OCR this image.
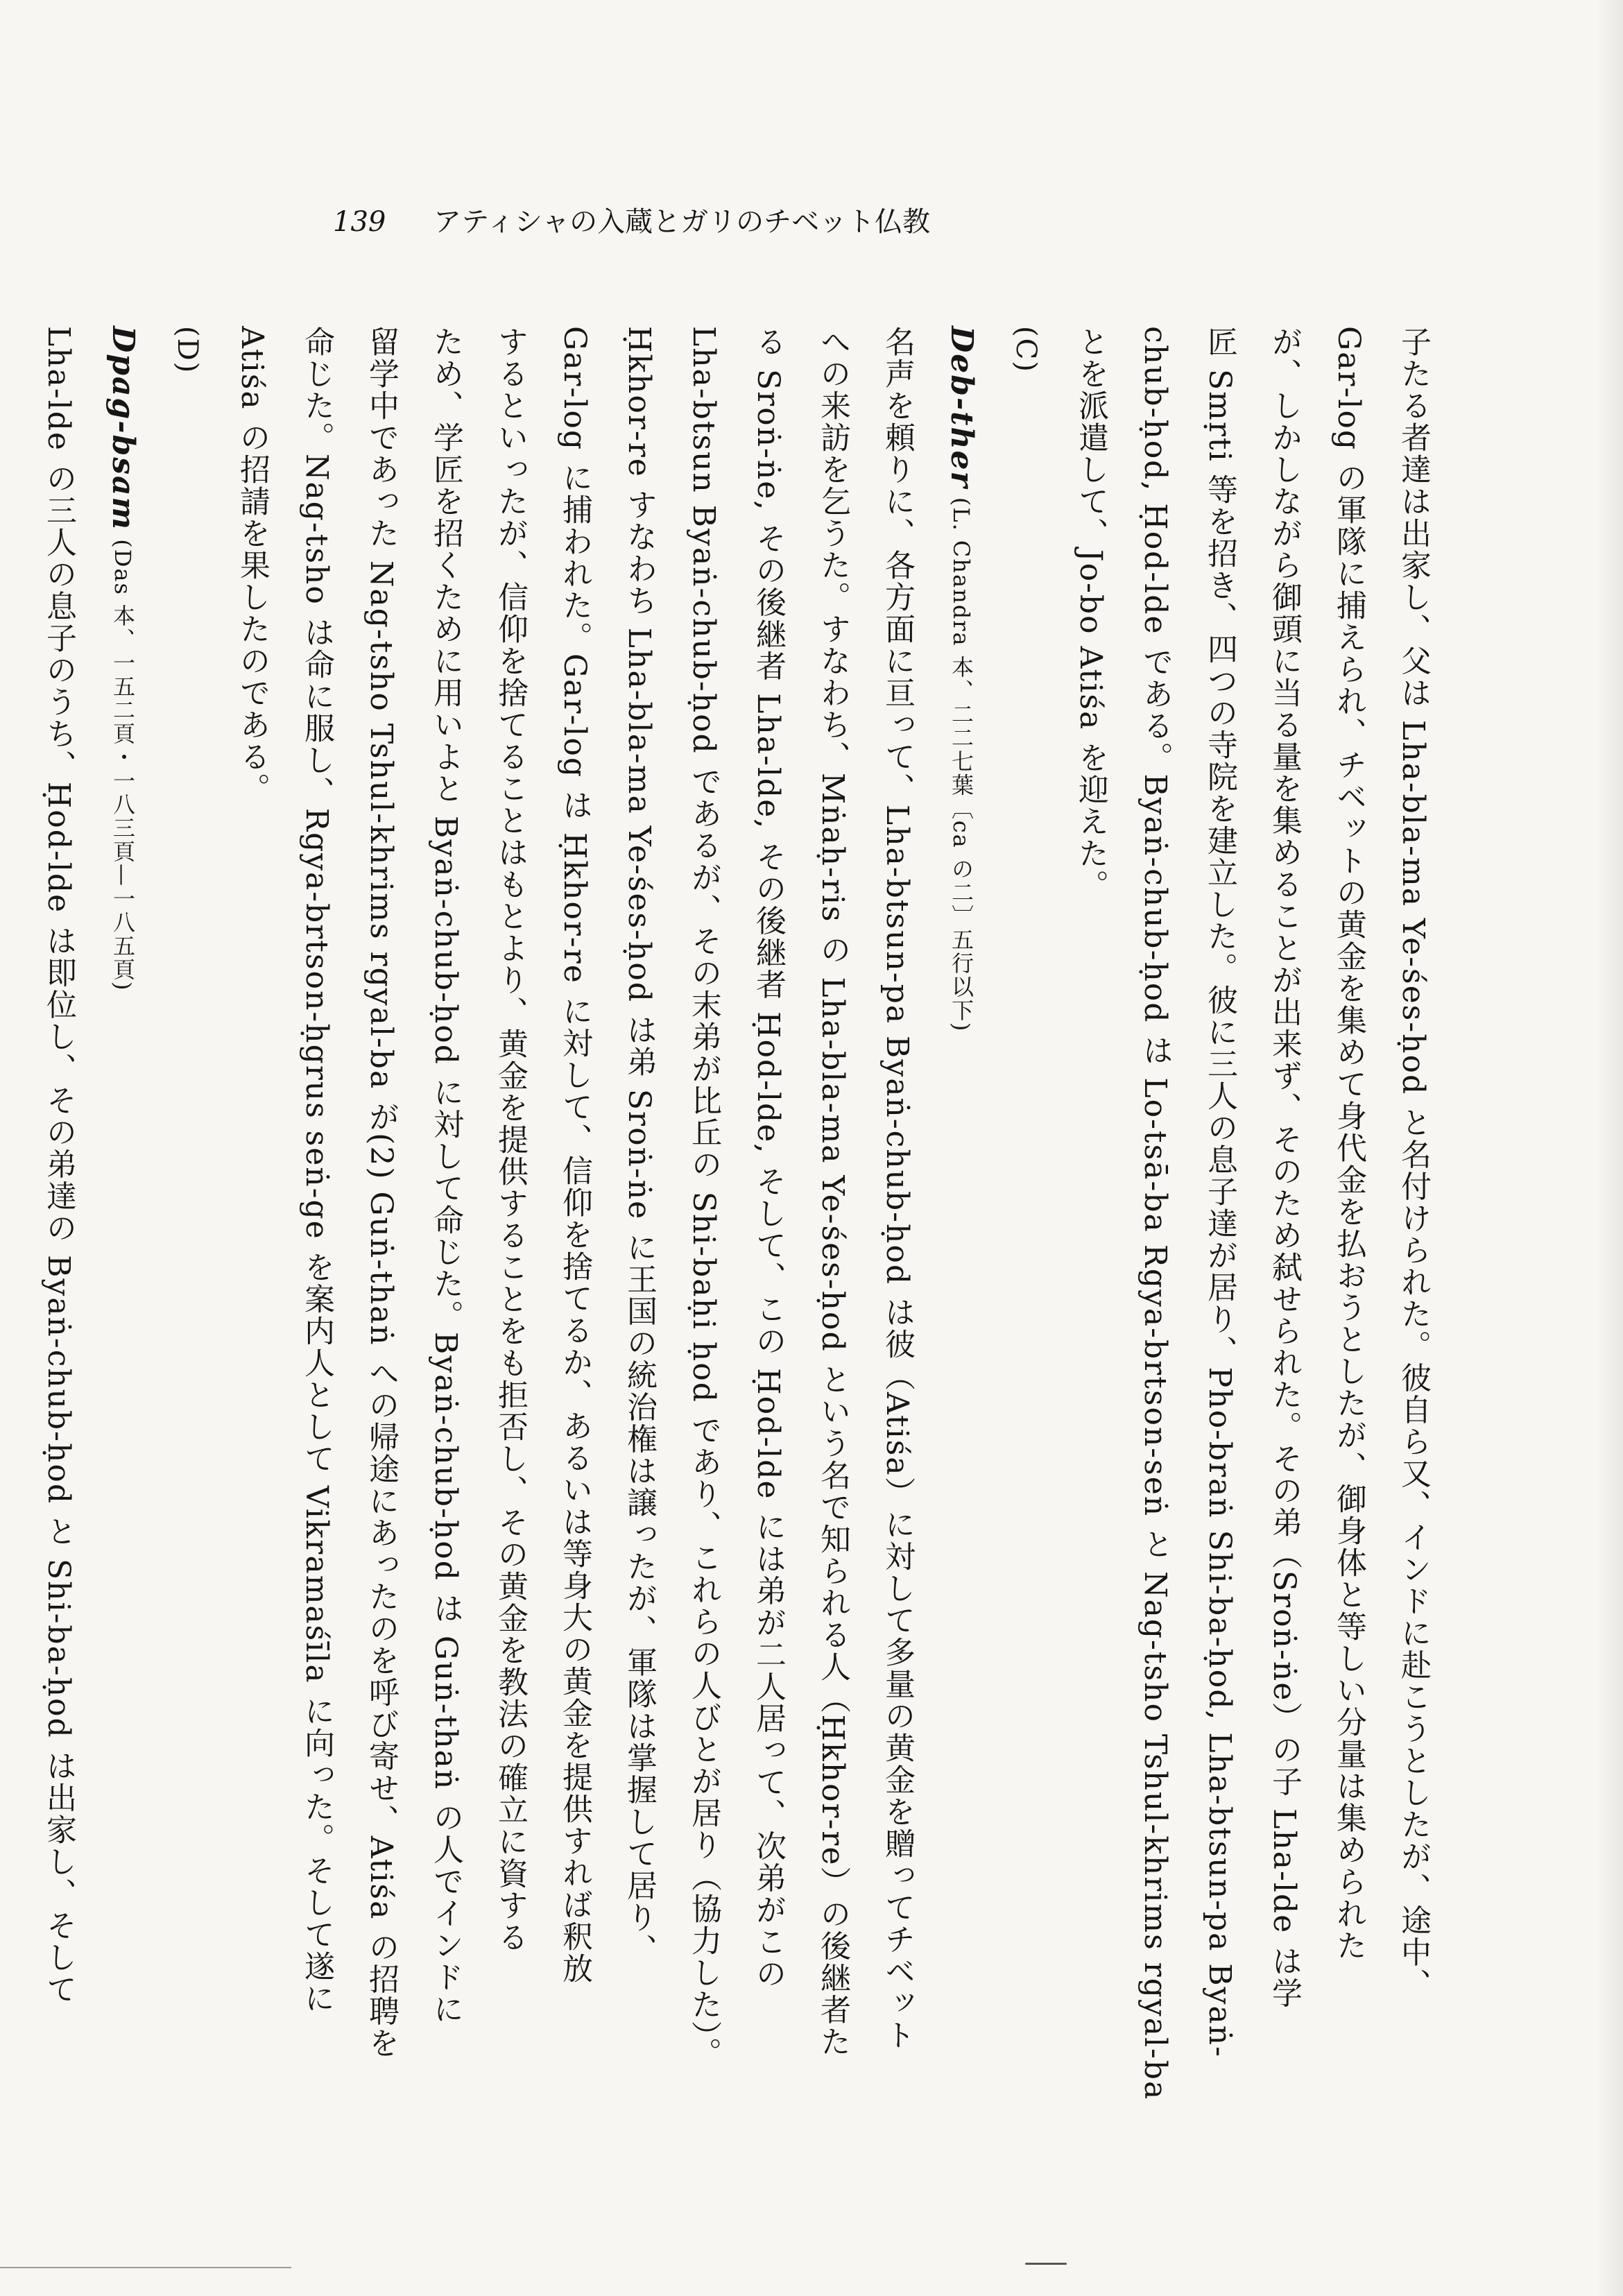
139 アティシャの入蔵とガリのチベット仏教
子たる者達は出家し、父は Lha-bla-ma Ye-śes-ḥod と名付けられた。彼自ら又、インドに赴こうとしたが、途中、
Gar-log の軍隊に捕えられ、チベットの黄金を集めて身代金を払おうとしたが、御身体と等しい分量は集められた
が、しかしながら御頭に当る量を集めることが出来ず、そのため弑せられた。その弟（Sroṅ-ṅe）の子 Lha-lde は学
匠 Smṛti 等を招き、四つの寺院を建立した。彼に三人の息子達が居り、Pho-braṅ Shi-ba-ḥod, Lha-btsun-pa Byaṅ-
chub-ḥod, Ḥod-lde である。Byaṅ-chub-ḥod は Lo-tsā-ba Rgya-brtson-seṅ と Nag-tsho Tshul-khrims rgyal-ba
とを派遣して、Jo-bo Atiśa を迎えた。
(C)
Deb-ther (L. Chandra 本、二二七葉〔ca の二〕五行以下)
名声を頼りに、各方面に亘って、Lha-btsun-pa Byaṅ-chub-ḥod は彼（Atiśa）に対して多量の黄金を贈ってチベット
への来訪を乞うた。すなわち、Mṅaḥ-ris の Lha-bla-ma Ye-śes-ḥod という名で知られる人（Ḥkhor-re）の後継者た
る Sroṅ-ṅe, その後継者 Lha-lde, その後継者 Ḥod-lde, そして、この Ḥod-lde には弟が二人居って、次弟がこの
Lha-btsun Byaṅ-chub-ḥod であるが、その末弟が比丘の Shi-baḥi ḥod であり、これらの人びとが居り（協力した）。
Ḥkhor-re すなわち Lha-bla-ma Ye-śes-ḥod は弟 Sroṅ-ṅe に王国の統治権は譲ったが、軍隊は掌握して居り、
Gar-log に捕われた。Gar-log は Ḥkhor-re に対して、信仰を捨てるか、あるいは等身大の黄金を提供すれば釈放
するといったが、信仰を捨てることはもとより、黄金を提供することをも拒否し、その黄金を教法の確立に資する
ため、学匠を招くために用いよと Byaṅ-chub-ḥod に対して命じた。Byaṅ-chub-ḥod は Guṅ-thaṅ の人でインドに
留学中であった Nag-tsho Tshul-khrims rgyal-ba が(2) Guṅ-thaṅ への帰途にあったのを呼び寄せ、Atiśa の招聘を
命じた。Nag-tsho は命に服し、Rgya-brtson-ḥgrus seṅ-ge を案内人として Vikramaśīla に向った。そして遂に
Atiśa の招請を果したのである。
(D)
Dpag-bsam (Das 本、一五二頁・一八三頁—一八五頁)
Lha-lde の三人の息子のうち、Ḥod-lde は即位し、その弟達の Byaṅ-chub-ḥod と Shi-ba-ḥod は出家し、そして
